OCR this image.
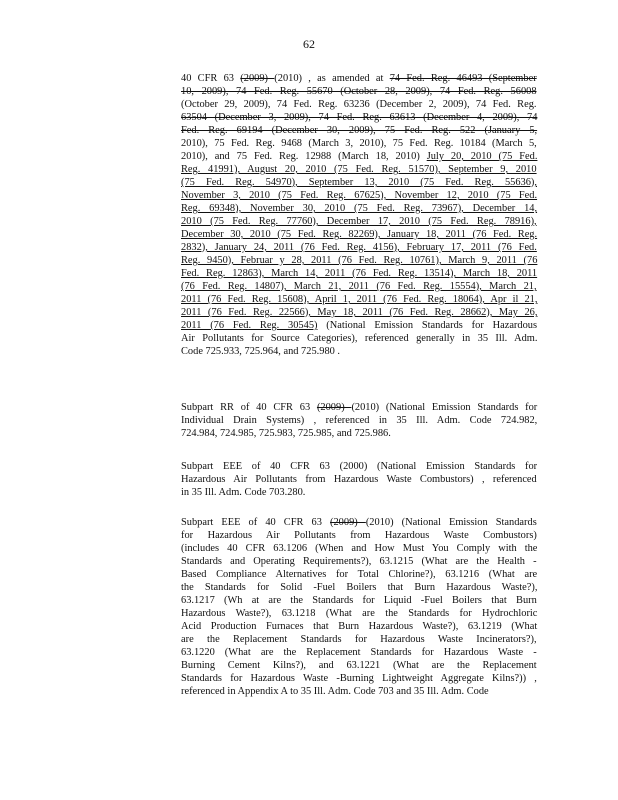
62
40 CFR 63 (2009) (2010) , as amended at 74 Fed. Reg. 46493 (September
10, 2009), 74 Fed. Reg. 55670 (October 28, 2009), 74 Fed. Reg. 56008
(October 29, 2009), 74 Fed. Reg. 63236 (December 2, 2009), 74 Fed. Reg.
63504 (December 3, 2009), 74 Fed. Reg. 63613 (December 4, 2009), 74
Fed. Reg. 69194 (December 30, 2009), 75 Fed. Reg. 522 (January 5,
2010), 75 Fed. Reg. 9468 (March 3, 2010), 75 Fed. Reg. 10184 (March 5,
2010), and 75 Fed. Reg. 12988 (March 18, 2010) July 20, 2010 (75 Fed.
Reg. 41991), August 20, 2010 (75 Fed. Reg. 51570), September 9, 2010
(75 Fed. Reg. 54970), September 13, 2010 (75 Fed. Reg. 55636),
November 3, 2010 (75 Fed. Reg. 67625), November 12, 2010 (75 Fed.
Reg. 69348), November 30, 2010 (75 Fed. Reg. 73967), December 14,
2010 (75 Fed. Reg. 77760), December 17, 2010 (75 Fed. Reg. 78916),
December 30, 2010 (75 Fed. Reg. 82269), January 18, 2011 (76 Fed. Reg.
2832), January 24, 2011 (76 Fed. Reg. 4156), February 17, 2011 (76 Fed.
Reg. 9450), Februar y 28, 2011 (76 Fed. Reg. 10761), March 9, 2011 (76
Fed. Reg. 12863), March 14, 2011 (76 Fed. Reg. 13514), March 18, 2011
(76 Fed. Reg. 14807), March 21, 2011 (76 Fed. Reg. 15554), March 21,
2011 (76 Fed. Reg. 15608), April 1, 2011 (76 Fed. Reg. 18064), Apr il 21,
2011 (76 Fed. Reg. 22566), May 18, 2011 (76 Fed. Reg. 28662), May 26,
2011 (76 Fed. Reg. 30545) (National Emission Standards for Hazardous
Air Pollutants for Source Categories), referenced generally in 35 Ill. Adm.
Code 725.933, 725.964, and 725.980 .
Subpart RR of 40 CFR 63 (2009) (2010) (National Emission Standards for
Individual Drain Systems) , referenced in 35 Ill. Adm. Code 724.982,
724.984, 724.985, 725.983, 725.985, and 725.986.
Subpart EEE of 40 CFR 63 (2000) (National Emission Standards for
Hazardous Air Pollutants from Hazardous Waste Combustors) , referenced
in 35 Ill. Adm. Code 703.280.
Subpart EEE of 40 CFR 63 (2009) (2010) (National Emission Standards
for Hazardous Air Pollutants from Hazardous Waste Combustors)
(includes 40 CFR 63.1206 (When and How Must You Comply with the
Standards and Operating Requirements?), 63.1215 (What are the Health -
Based Compliance Alternatives for Total Chlorine?), 63.1216 (What are
the Standards for Solid -Fuel Boilers that Burn Hazardous Waste?),
63.1217 (Wh at are the Standards for Liquid -Fuel Boilers that Burn
Hazardous Waste?), 63.1218 (What are the Standards for Hydrochloric
Acid Production Furnaces that Burn Hazardous Waste?), 63.1219 (What
are the Replacement Standards for Hazardous Waste Incinerators?),
63.1220 (What are the Replacement Standards for Hazardous Waste -
Burning Cement Kilns?), and 63.1221 (What are the Replacement
Standards for Hazardous Waste -Burning Lightweight Aggregate Kilns?)) ,
referenced in Appendix A to 35 Ill. Adm. Code 703 and 35 Ill. Adm. Code
